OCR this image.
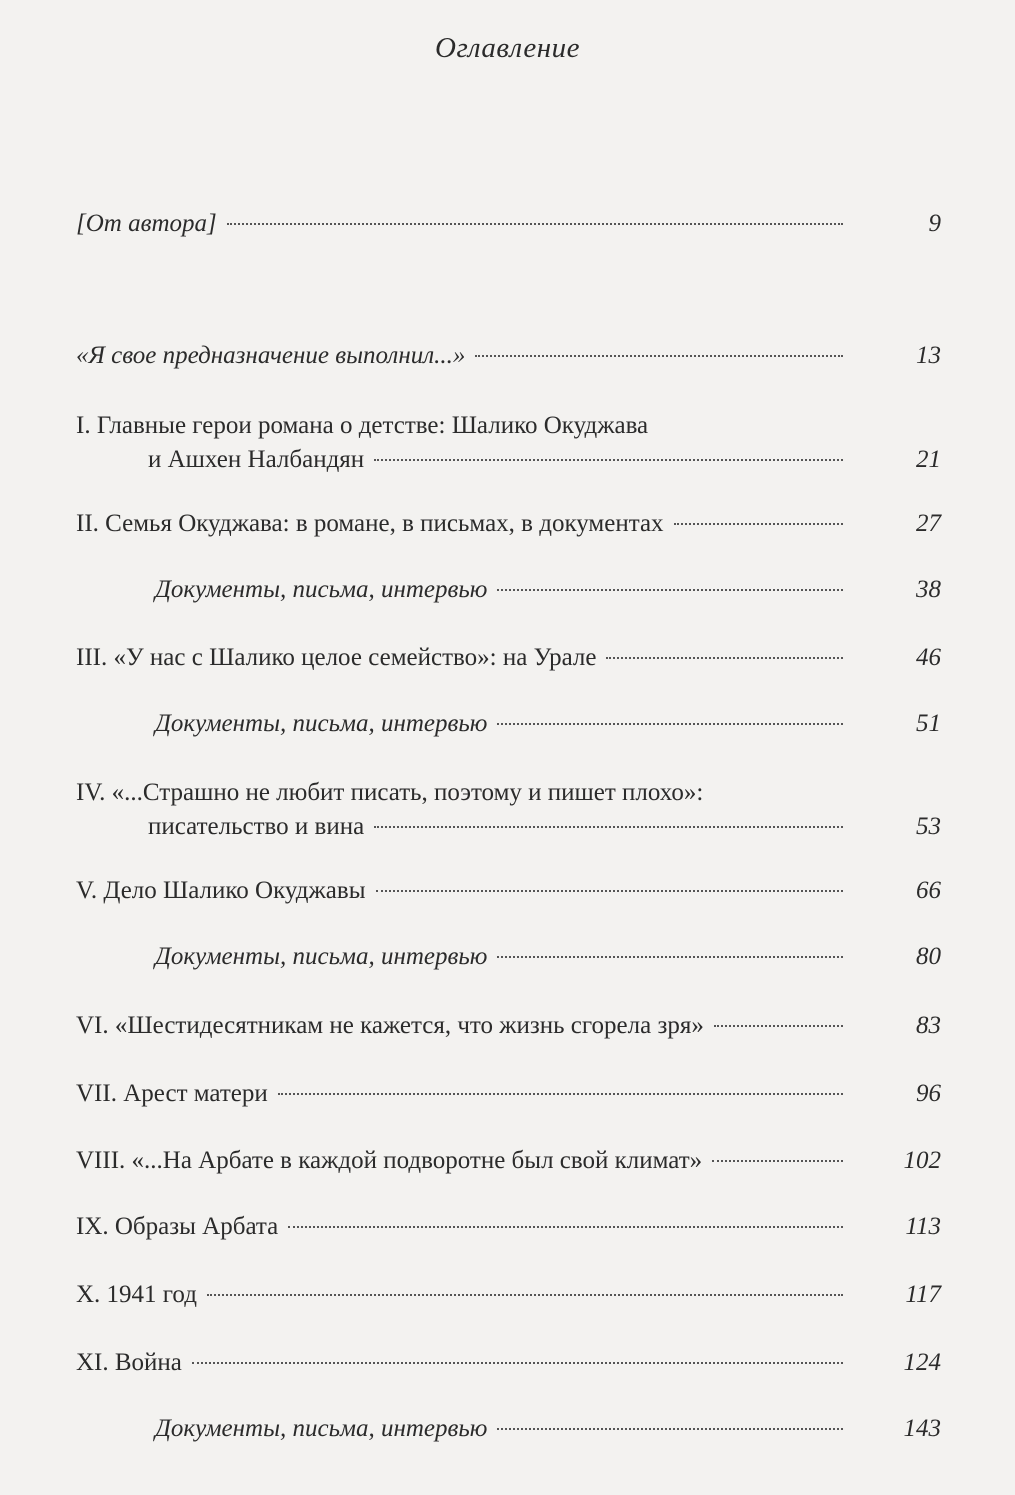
Оглавление
[От автора]	9
«Я свое предназначение выполнил...»	13
I. Главные герои романа о детстве: Шалико Окуджава
и Ашхен Налбандян	21
II. Семья Окуджава: в романе, в письмах, в документах	27
Документы, письма, интервью	38
III. «У нас с Шалико целое семейство»: на Урале	46
Документы, письма, интервью	51
IV. «...Страшно не любит писать, поэтому и пишет плохо»:
писательство и вина	53
V. Дело Шалико Окуджавы	66
Документы, письма, интервью	80
VI. «Шестидесятникам не кажется, что жизнь сгорела зря»	83
VII. Арест матери	96
VIII. «...На Арбате в каждой подворотне был свой климат»	102
IX. Образы Арбата	113
X. 1941 год	117
XI. Война	124
Документы, письма, интервью	143
